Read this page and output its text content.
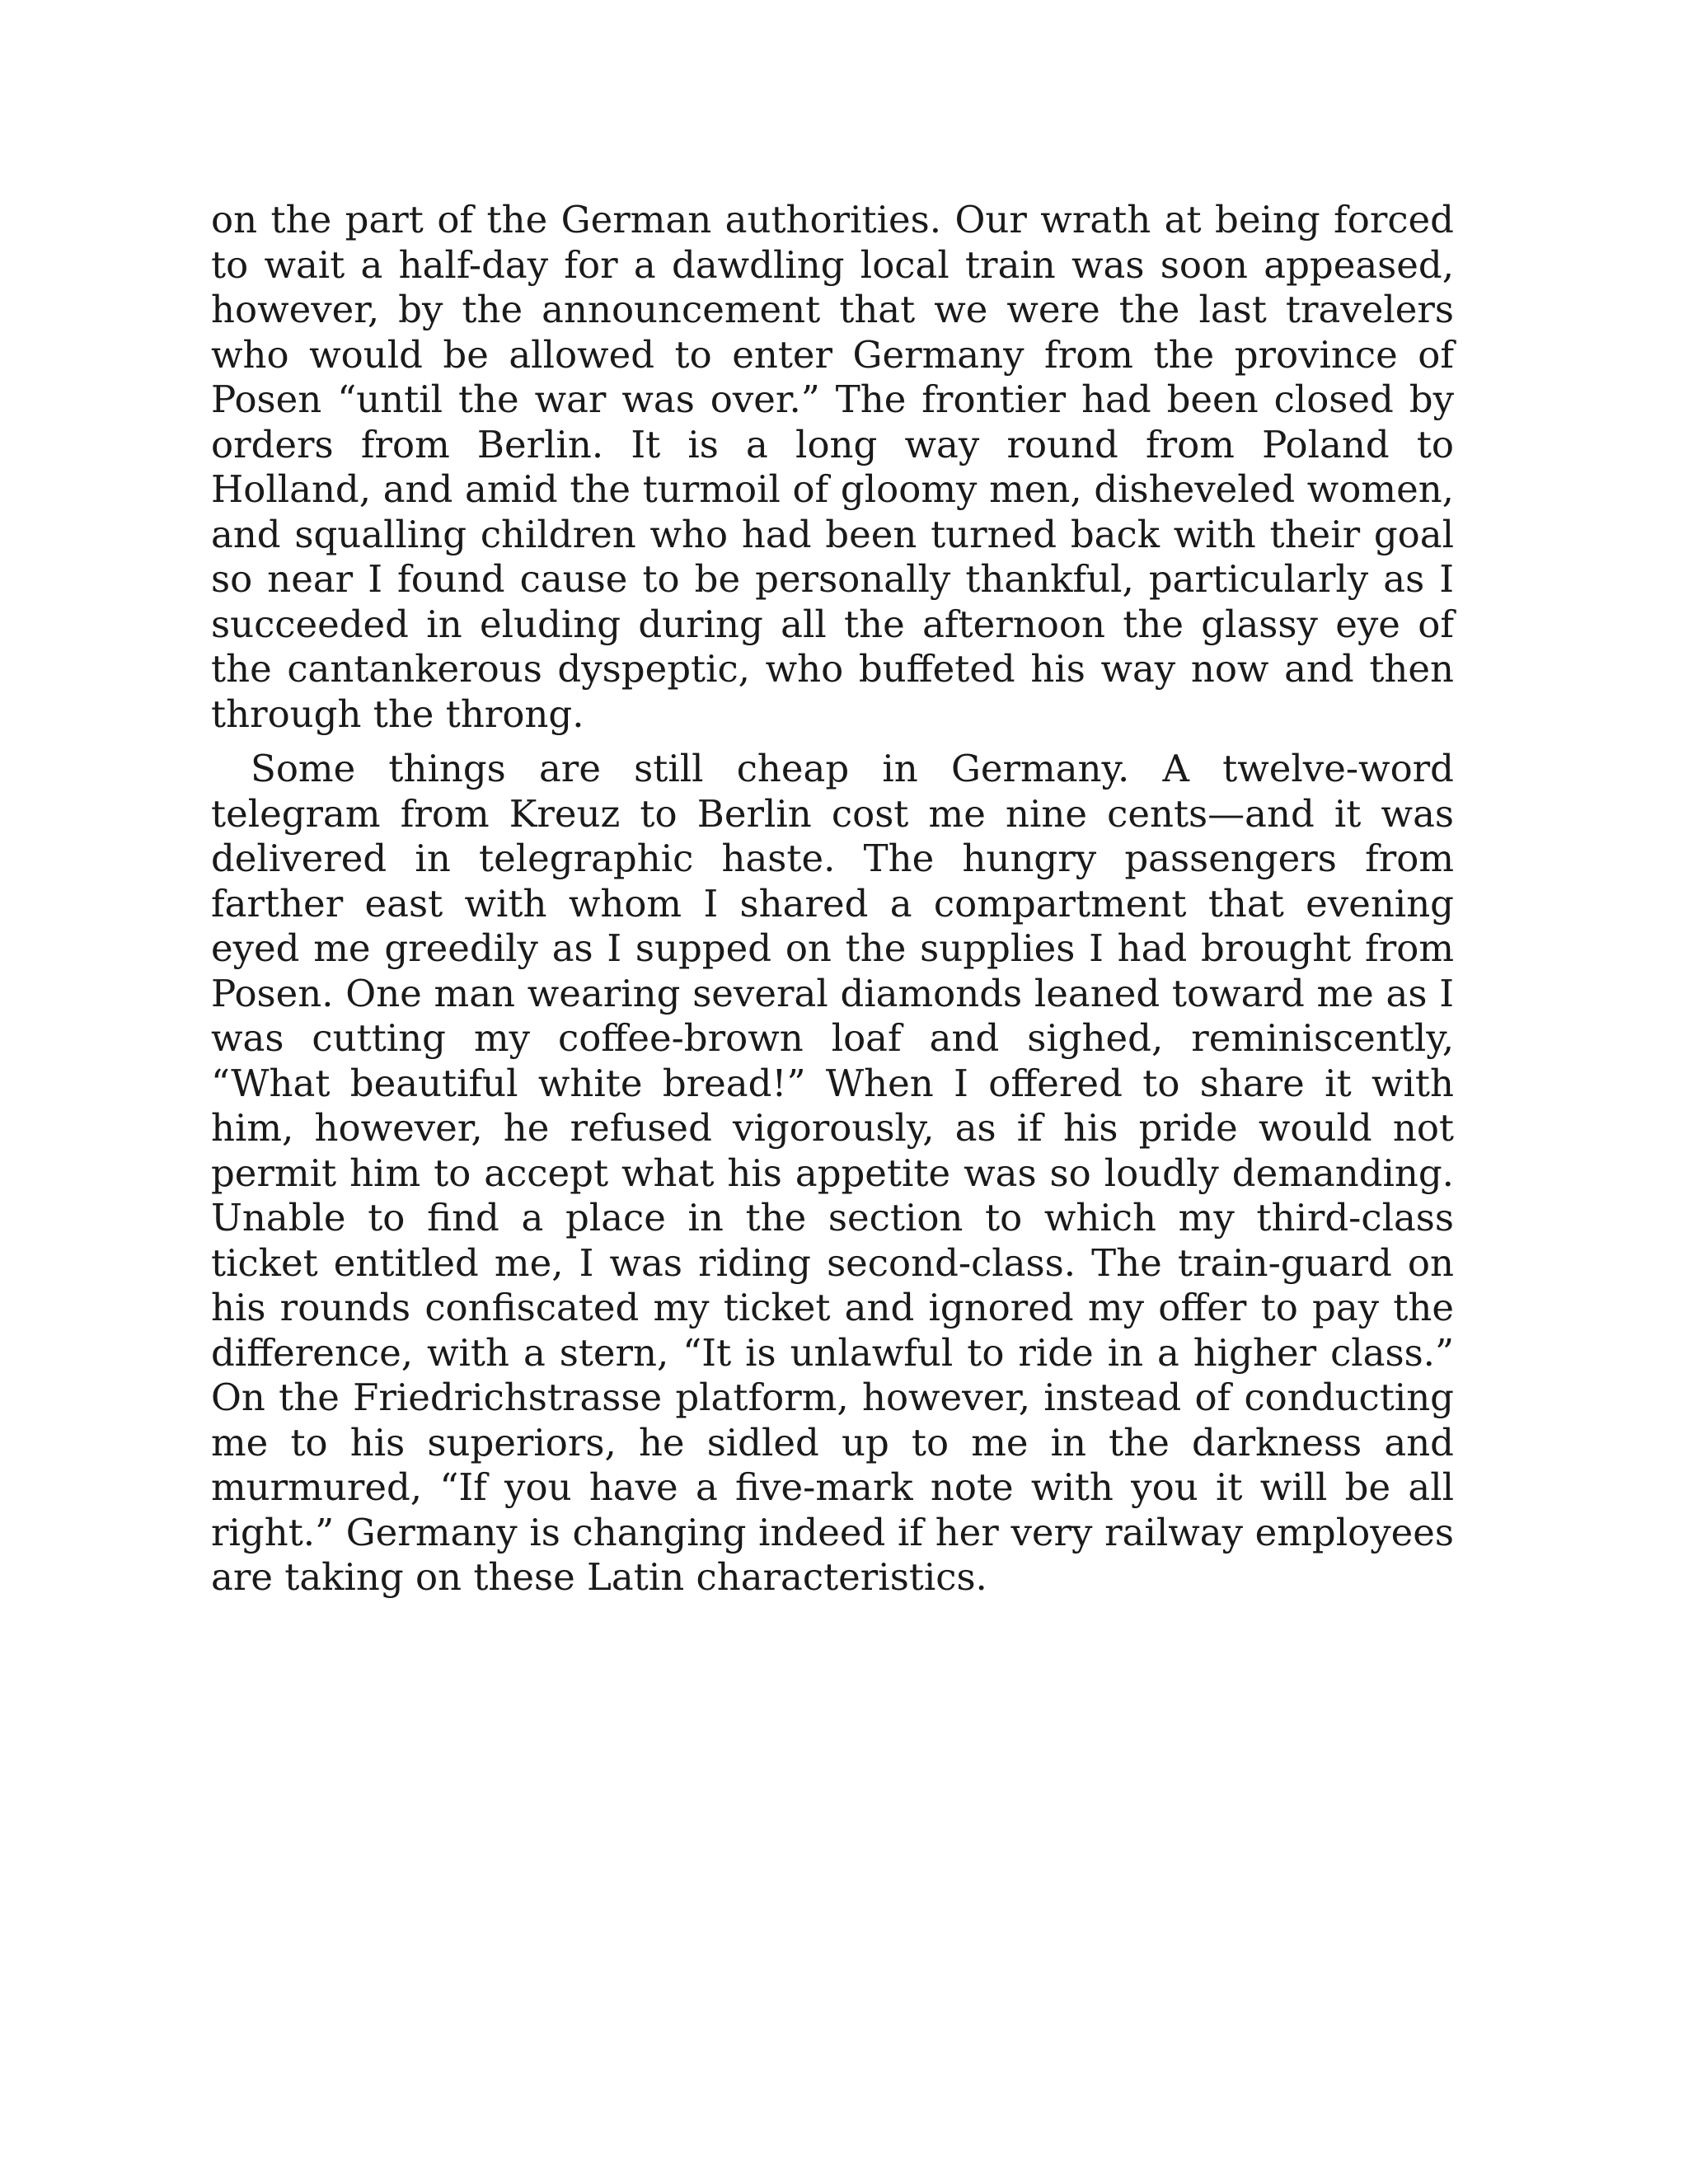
on the part of the German authorities. Our wrath at being forced to wait a half-day for a dawdling local train was soon appeased, however, by the announcement that we were the last travelers who would be allowed to enter Germany from the province of Posen “until the war was over.” The frontier had been closed by orders from Berlin. It is a long way round from Poland to Holland, and amid the turmoil of gloomy men, disheveled women, and squalling children who had been turned back with their goal so near I found cause to be personally thankful, particularly as I succeeded in eluding during all the afternoon the glassy eye of the cantankerous dyspeptic, who buffeted his way now and then through the throng.

Some things are still cheap in Germany. A twelve-word telegram from Kreuz to Berlin cost me nine cents—and it was delivered in telegraphic haste. The hungry passengers from farther east with whom I shared a compartment that evening eyed me greedily as I supped on the supplies I had brought from Posen. One man wearing several diamonds leaned toward me as I was cutting my coffee-brown loaf and sighed, reminiscently, “What beautiful white bread!” When I offered to share it with him, however, he refused vigorously, as if his pride would not permit him to accept what his appetite was so loudly demanding. Unable to find a place in the section to which my third-class ticket entitled me, I was riding second-class. The train-guard on his rounds confiscated my ticket and ignored my offer to pay the difference, with a stern, “It is unlawful to ride in a higher class.” On the Friedrichstrasse platform, however, instead of conducting me to his superiors, he sidled up to me in the darkness and murmured, “If you have a five-mark note with you it will be all right.” Germany is changing indeed if her very railway employees are taking on these Latin characteristics.
